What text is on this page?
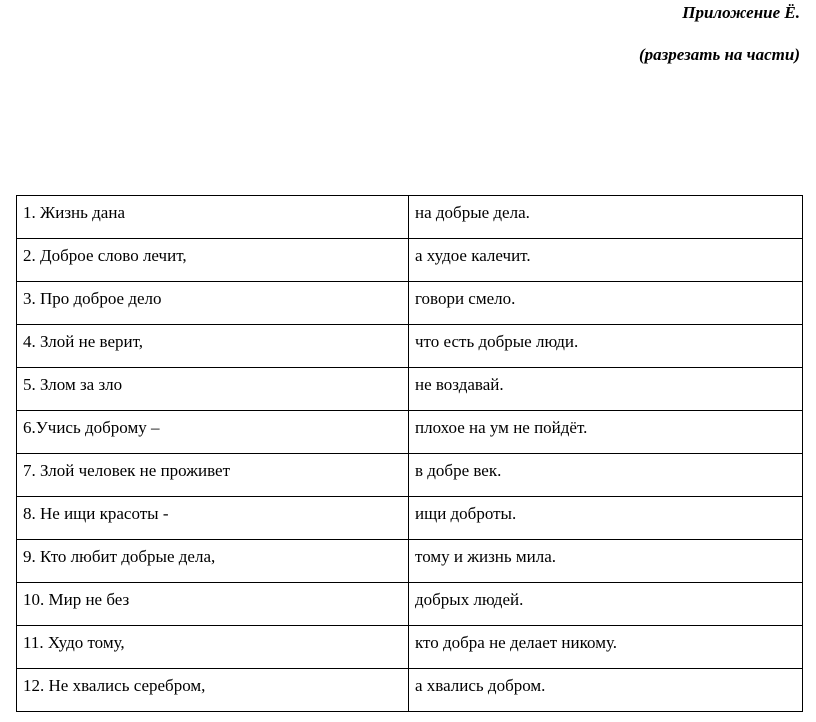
Приложение Ё.
(разрезать на части)
1. Жизнь дана	на добрые дела.

2. Доброе слово лечит,	а худое калечит.

3. Про доброе дело	говори смело.

4. Злой не верит,	что есть добрые люди.

5. Злом за зло	не воздавай.

6.Учись доброму –	плохое на ум не пойдёт.

7. Злой человек не проживет	в добре век.

8. Не ищи красоты -	ищи доброты.

9. Кто любит добрые дела,	тому и жизнь мила.

10. Мир не без	добрых людей.

11. Худо тому,	кто добра не делает никому.

12. Не хвались серебром,	а хвались добром.
